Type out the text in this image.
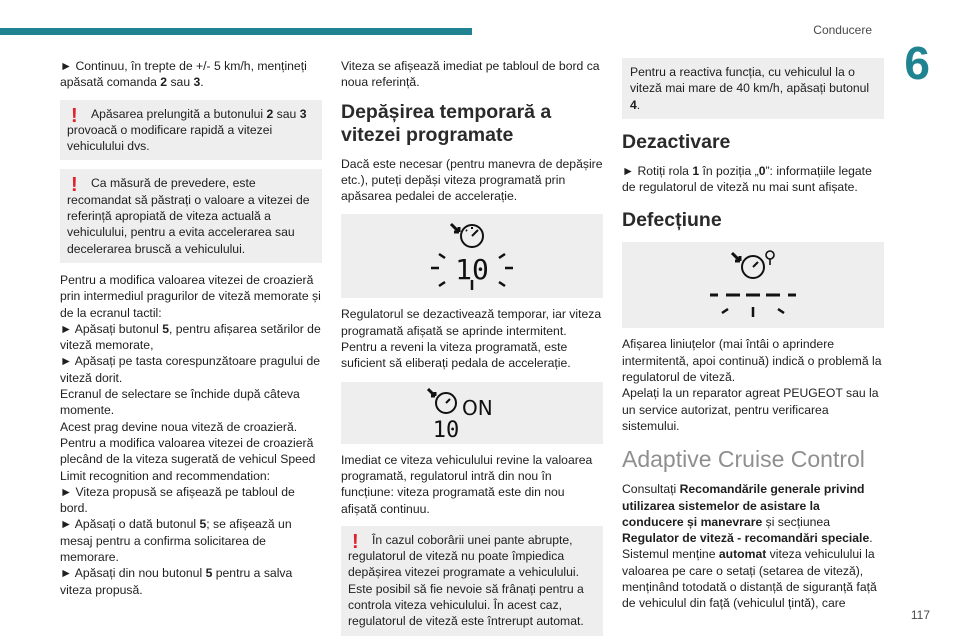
Conducere
6
117

► Continuu, în trepte de +/- 5 km/h, mențineți apăsată comanda 2 sau 3.

!	Apăsarea prelungită a butonului 2 sau 3
provoacă o modificare rapidă a vitezei vehiculului dvs.
!	Ca măsură de prevedere, este
recomandat să păstrați o valoare a vitezei de referință apropiată de viteza actuală a vehiculului, pentru a evita accelerarea sau decelerarea bruscă a vehiculului.

Pentru a modifica valoarea vitezei de croazieră prin intermediul pragurilor de viteză memorate și de la ecranul tactil:

► Apăsați butonul 5, pentru afișarea setărilor de viteză memorate,

► Apăsați pe tasta corespunzătoare pragului de viteză dorit.

Ecranul de selectare se închide după câteva momente.

Acest prag devine noua viteză de croazieră.

Pentru a modifica valoarea vitezei de croazieră plecând de la viteza sugerată de vehicul Speed Limit recognition and recommendation:

► Viteza propusă se afișează pe tabloul de bord.

► Apăsați o dată butonul 5; se afișează un mesaj pentru a confirma solicitarea de memorare.

► Apăsați din nou butonul 5 pentru a salva viteza propusă.

Viteza se afișează imediat pe tabloul de bord ca noua referință.

Depășirea temporară a vitezei programate

Dacă este necesar (pentru manevra de depășire etc.), puteți depăși viteza programată prin apăsarea pedalei de accelerație.

10

Regulatorul se dezactivează temporar, iar viteza programată afișată se aprinde intermitent.

Pentru a reveni la viteza programată, este suficient să eliberați pedala de accelerație.

ON
10

Imediat ce viteza vehiculului revine la valoarea programată, regulatorul intră din nou în funcțiune: viteza programată este din nou afișată continuu.

!	În cazul coborârii unei pante abrupte,
regulatorul de viteză nu poate împiedica depășirea vitezei programate a vehiculului. Este posibil să fie nevoie să frânați pentru a controla viteza vehiculului. În acest caz, regulatorul de viteză este întrerupt automat.

Pentru a reactiva funcția, cu vehiculul la o viteză mai mare de 40 km/h, apăsați butonul 4.

Dezactivare

► Rotiți rola 1 în poziția „0”: informațiile legate de regulatorul de viteză nu mai sunt afișate.

Defecțiune

Afișarea liniuțelor (mai întâi o aprindere intermitentă, apoi continuă) indică o problemă la regulatorul de viteză.

Apelați la un reparator agreat PEUGEOT sau la un service autorizat, pentru verificarea sistemului.

Adaptive Cruise Control

Consultați Recomandările generale privind utilizarea sistemelor de asistare la conducere și manevrare și secțiunea Regulator de viteză - recomandări speciale.

Sistemul menține automat viteza vehiculului la valoarea pe care o setați (setarea de viteză), menținând totodată o distanță de siguranță față de vehiculul din față (vehiculul țintă), care
